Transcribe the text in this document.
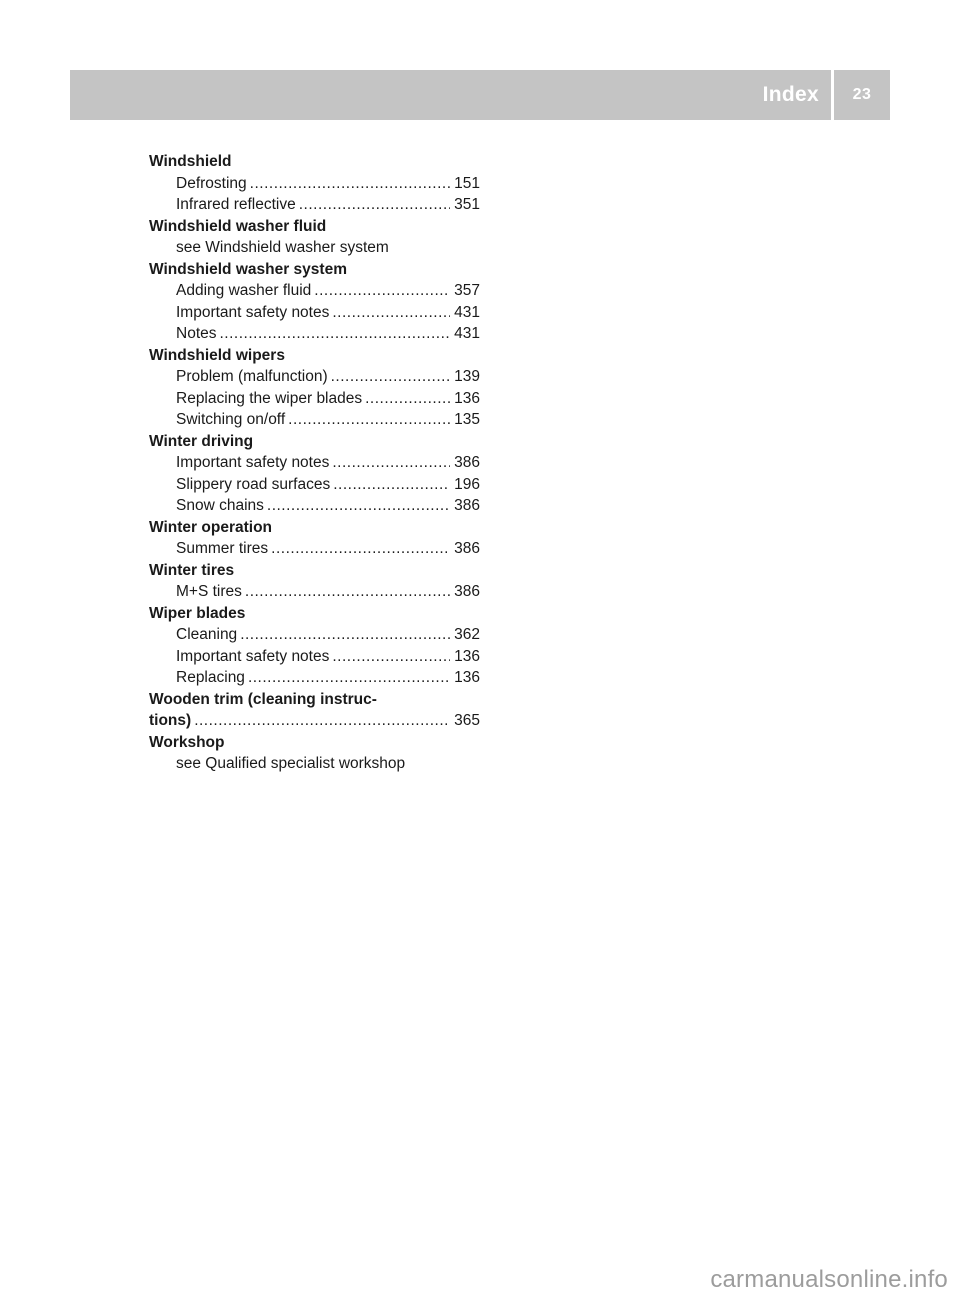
Index 23
Windshield
Defrosting .....	151
Infrared reflective .....	351
Windshield washer fluid
see Windshield washer system
Windshield washer system
Adding washer fluid .....	357
Important safety notes .....	431
Notes .....	431
Windshield wipers
Problem (malfunction) .....	139
Replacing the wiper blades .....	136
Switching on/off .....	135
Winter driving
Important safety notes .....	386
Slippery road surfaces .....	196
Snow chains .....	386
Winter operation
Summer tires .....	386
Winter tires
M+S tires .....	386
Wiper blades
Cleaning .....	362
Important safety notes .....	136
Replacing .....	136
Wooden trim (cleaning instruc-
tions) .....	365
Workshop
see Qualified specialist workshop
carmanualsonline.info
